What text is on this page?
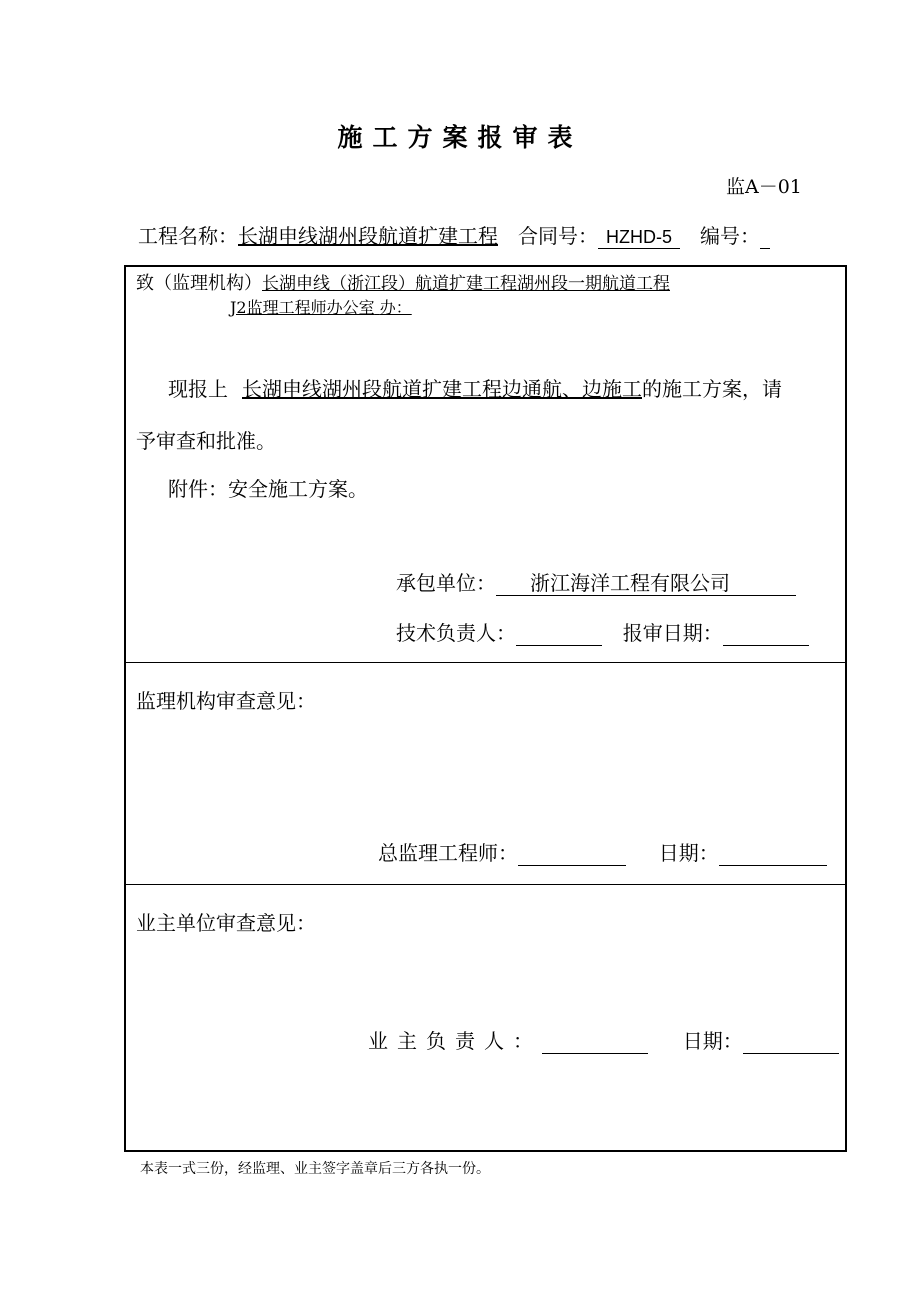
施工方案报审表
监A－01
工程名称：长湖申线湖州段航道扩建工程 合同号： HZHD-5 编号：
致（监理机构）长湖申线（浙江段）航道扩建工程湖州段一期航道工程
J2监理工程师办公室 办：
现报上 长湖申线湖州段航道扩建工程边通航、边施工的施工方案，请
予审查和批准。
附件：安全施工方案。
承包单位： 浙江海洋工程有限公司
技术负责人：	报审日期：
监理机构审查意见：
总监理工程师：	日期：
业主单位审查意见：
业主负责人：	日期：
本表一式三份，经监理、业主签字盖章后三方各执一份。
